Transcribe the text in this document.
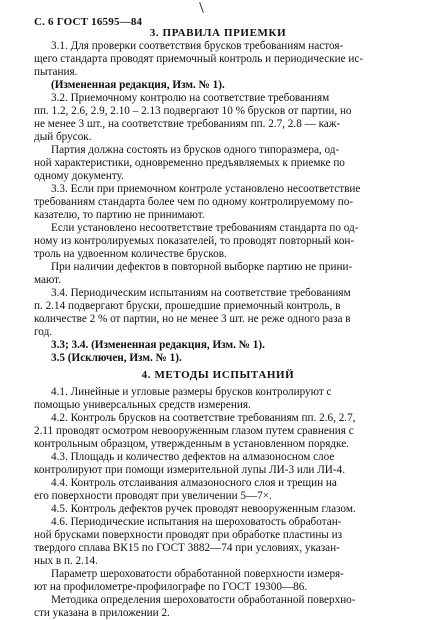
С. 6 ГОСТ 16595—84
3. ПРАВИЛА ПРИЕМКИ
3.1. Для проверки соответствия брусков требованиям настоя-
щего стандарта проводят приемочный контроль и периодические ис-
пытания.
(Измененная редакция, Изм. № 1).
3.2. Приемочному контролю на соответствие требованиям
пп. 1.2, 2.6, 2.9, 2.10 – 2.13 подвергают 10 % брусков от партии, но
не менее 3 шт., на соответствие требованиям пп. 2.7, 2.8 — каж-
дый брусок.
Партия должна состоять из брусков одного типоразмера, од-
ной характеристики, одновременно предъявляемых к приемке по
одному документу.
3.3. Если при приемочном контроле установлено несоответствие
требованиям стандарта более чем по одному контролируемому по-
казателю, то партию не принимают.
Если установлено несоответствие требованиям стандарта по од-
ному из контролируемых показателей, то проводят повторный кон-
троль на удвоенном количестве брусков.
При наличии дефектов в повторной выборке партию не прини-
мают.
3.4. Периодическим испытаниям на соответствие требованиям
п. 2.14 подвергают бруски, прошедшие приемочный контроль, в
количестве 2 % от партии, но не менее 3 шт. не реже одного раза в
год.
3.3; 3.4. (Измененная редакция, Изм. № 1).
3.5 (Исключен, Изм. № 1).
4. МЕТОДЫ ИСПЫТАНИЙ
4.1. Линейные и угловые размеры брусков контролируют с
помощью универсальных средств измерения.
4.2. Контроль брусков на соответствие требованиям пп. 2.6, 2.7,
2.11 проводят осмотром невооруженным глазом путем сравнения с
контрольным образцом, утвержденным в установленном порядке.
4.3. Площадь и количество дефектов на алмазоносном слое
контролируют при помощи измерительной лупы ЛИ-3 или ЛИ-4.
4.4. Контроль отслаивания алмазоносного слоя и трещин на
его поверхности проводят при увеличении 5—7×.
4.5. Контроль дефектов ручек проводят невооруженным глазом.
4.6. Периодические испытания на шероховатость обработан-
ной брусками поверхности проводят при обработке пластины из
твердого сплава ВК15 по ГОСТ 3882—74 при условиях, указан-
ных в п. 2.14.
Параметр шероховатости обработанной поверхности измеря-
ют на профилометре-профилографе по ГОСТ 19300—86.
Методика определения шероховатости обработанной поверхно-
сти указана в приложении 2.
